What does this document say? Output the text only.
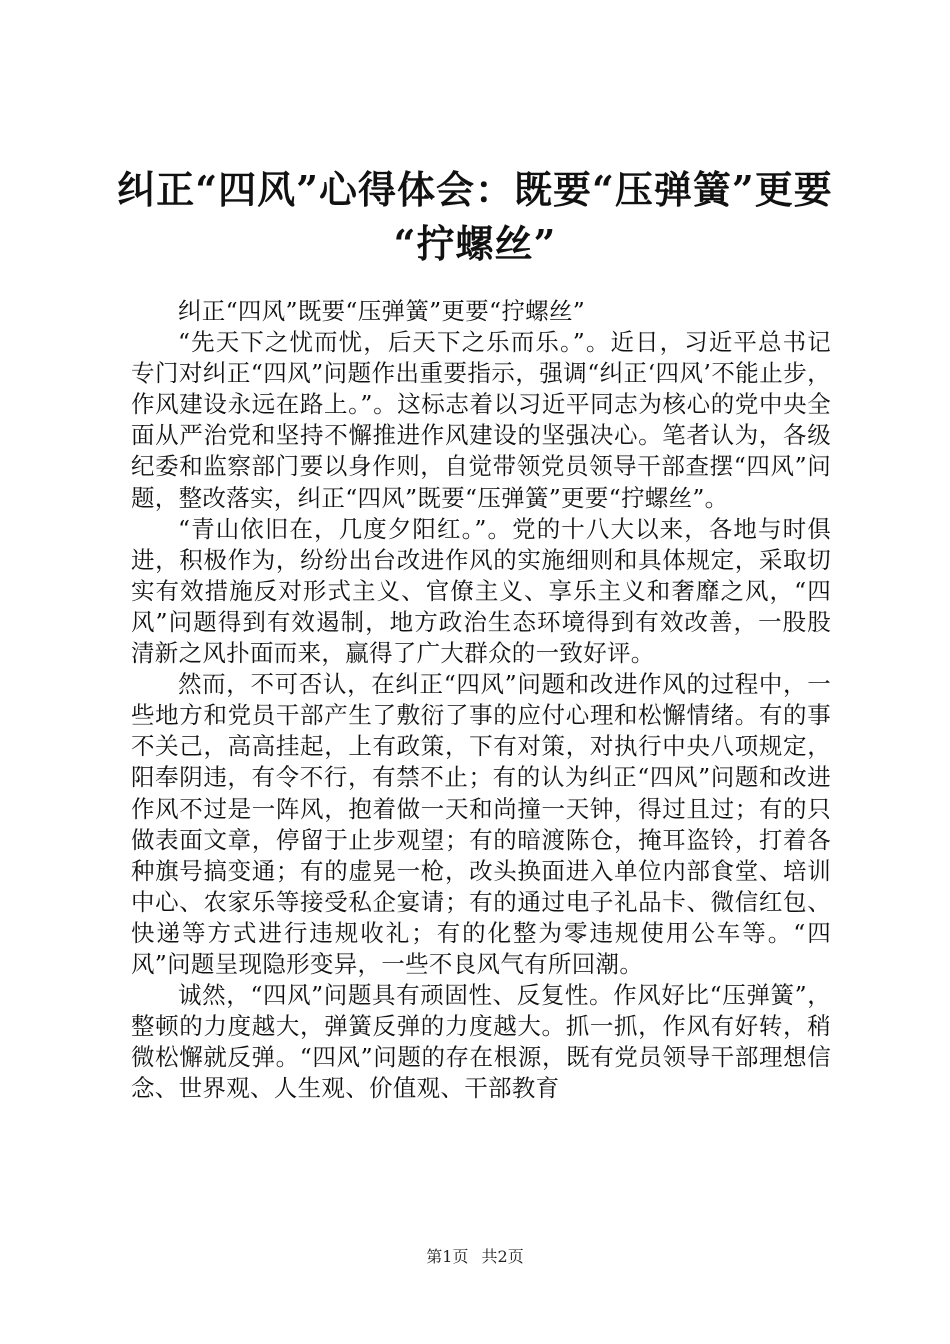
纠正“四风”心得体会：既要“压弹簧”更要
“拧螺丝”

纠正“四风”既要“压弹簧”更要“拧螺丝”

“先天下之忧而忧，后天下之乐而乐。”。近日，习近平总书记专门对纠正“四风”问题作出重要指示，强调“纠正‘四风’不能止步，作风建设永远在路上。”。这标志着以习近平同志为核心的党中央全面从严治党和坚持不懈推进作风建设的坚强决心。笔者认为，各级纪委和监察部门要以身作则，自觉带领党员领导干部查摆“四风”问题，整改落实，纠正“四风”既要“压弹簧”更要“拧螺丝”。

“青山依旧在，几度夕阳红。”。党的十八大以来，各地与时俱进，积极作为，纷纷出台改进作风的实施细则和具体规定，采取切实有效措施反对形式主义、官僚主义、享乐主义和奢靡之风，“四风”问题得到有效遏制，地方政治生态环境得到有效改善，一股股清新之风扑面而来，赢得了广大群众的一致好评。

然而，不可否认，在纠正“四风”问题和改进作风的过程中，一些地方和党员干部产生了敷衍了事的应付心理和松懈情绪。有的事不关己，高高挂起，上有政策，下有对策，对执行中央八项规定，阳奉阴违，有令不行，有禁不止；有的认为纠正“四风”问题和改进作风不过是一阵风，抱着做一天和尚撞一天钟，得过且过；有的只做表面文章，停留于止步观望；有的暗渡陈仓，掩耳盗铃，打着各种旗号搞变通；有的虚晃一枪，改头换面进入单位内部食堂、培训中心、农家乐等接受私企宴请；有的通过电子礼品卡、微信红包、快递等方式进行违规收礼；有的化整为零违规使用公车等。“四风”问题呈现隐形变异，一些不良风气有所回潮。

诚然，“四风”问题具有顽固性、反复性。作风好比“压弹簧”，整顿的力度越大，弹簧反弹的力度越大。抓一抓，作风有好转，稍微松懈就反弹。“四风”问题的存在根源，既有党员领导干部理想信念、世界观、人生观、价值观、干部教育

第1页 共2页
